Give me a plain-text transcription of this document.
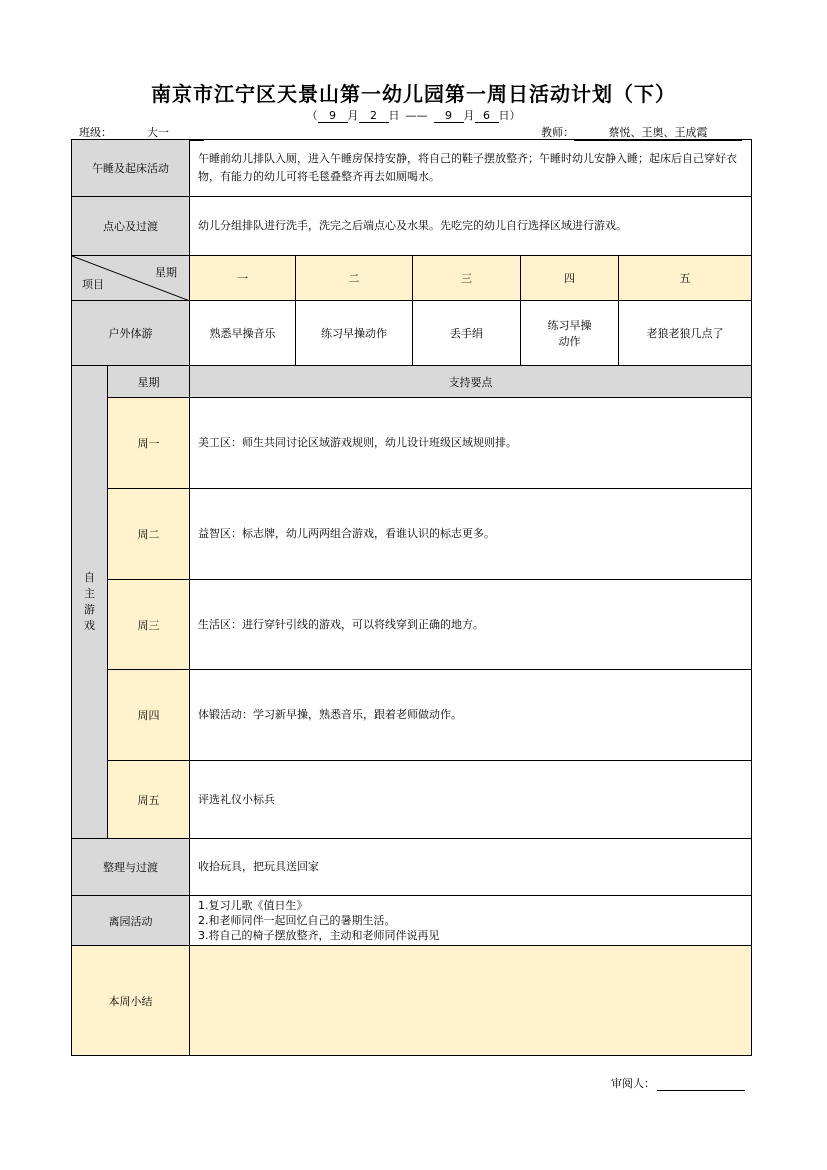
南京市江宁区天景山第一幼儿园第一周日活动计划（下）
（ 9 月 2 日 —— 9 月 6 日）
班级：	大一	教师：	蔡悦、王奥、王成霞
午睡及起床活动		午睡前幼儿排队入厕，进入午睡房保持安静，将自己的鞋子摆放整齐；午睡时幼儿安静入睡；起床后自己穿好衣物，有能力的幼儿可将毛毯叠整齐再去如厕喝水。				
点心及过渡		幼儿分组排队进行洗手，洗完之后端点心及水果。先吃完的幼儿自行选择区域进行游戏。				

星期
项目		一	二	三	四	五
户外体游		熟悉早操音乐	练习早操动作	丢手绢	练习早操动作	老狼老狼几点了
自主游戏	星期	支持要点				
	周一	美工区：师生共同讨论区域游戏规则，幼儿设计班级区域规则排。				
	周二	益智区：标志牌，幼儿两两组合游戏，看谁认识的标志更多。				
	周三	生活区：进行穿针引线的游戏，可以将线穿到正确的地方。				
	周四	体锻活动：学习新早操，熟悉音乐，跟着老师做动作。				
	周五	评选礼仪小标兵				
整理与过渡		收拾玩具，把玩具送回家				
离园活动		1.复习儿歌《值日生》
2.和老师同伴一起回忆自己的暑期生活。
3.将自己的椅子摆放整齐，主动和老师同伴说再见				

本周小结						
审阅人：
